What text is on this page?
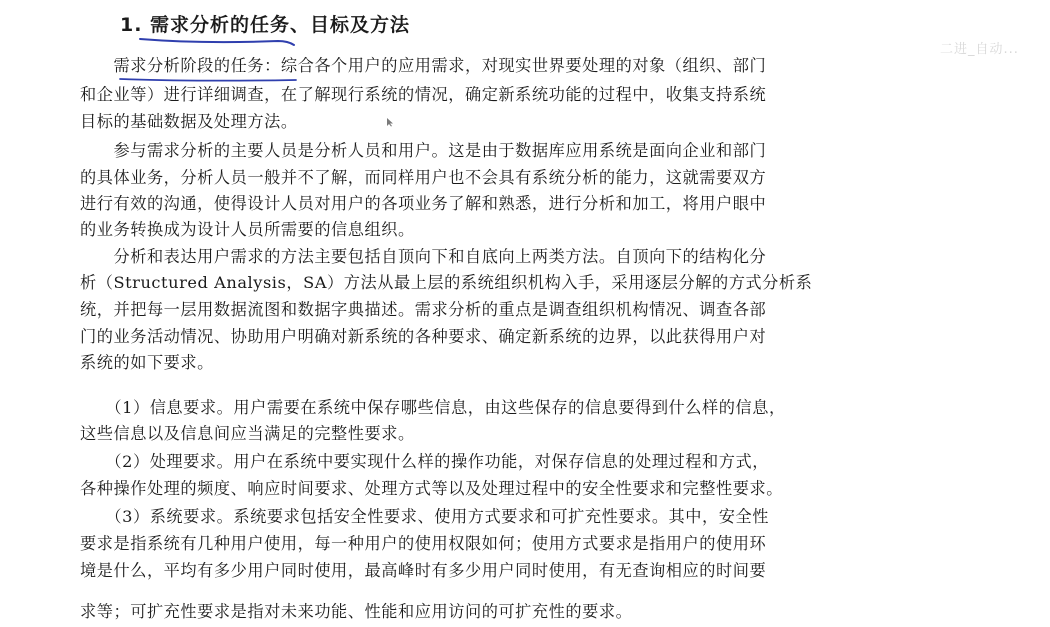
1. 需求分析的任务、目标及方法
　　需求分析阶段的任务：综合各个用户的应用需求，对现实世界要处理的对象（组织、部门
和企业等）进行详细调查，在了解现行系统的情况，确定新系统功能的过程中，收集支持系统
目标的基础数据及处理方法。
　　参与需求分析的主要人员是分析人员和用户。这是由于数据库应用系统是面向企业和部门
的具体业务，分析人员一般并不了解，而同样用户也不会具有系统分析的能力，这就需要双方
进行有效的沟通，使得设计人员对用户的各项业务了解和熟悉，进行分析和加工，将用户眼中
的业务转换成为设计人员所需要的信息组织。
　　分析和表达用户需求的方法主要包括自顶向下和自底向上两类方法。自顶向下的结构化分
析（Structured Analysis，SA）方法从最上层的系统组织机构入手，采用逐层分解的方式分析系
统，并把每一层用数据流图和数据字典描述。需求分析的重点是调查组织机构情况、调查各部
门的业务活动情况、协助用户明确对新系统的各种要求、确定新系统的边界，以此获得用户对
系统的如下要求。
　　（1）信息要求。用户需要在系统中保存哪些信息，由这些保存的信息要得到什么样的信息，
这些信息以及信息间应当满足的完整性要求。
　　（2）处理要求。用户在系统中要实现什么样的操作功能，对保存信息的处理过程和方式，
各种操作处理的频度、响应时间要求、处理方式等以及处理过程中的安全性要求和完整性要求。
　　（3）系统要求。系统要求包括安全性要求、使用方式要求和可扩充性要求。其中，安全性
要求是指系统有几种用户使用，每一种用户的使用权限如何；使用方式要求是指用户的使用环
境是什么，平均有多少用户同时使用，最高峰时有多少用户同时使用，有无查询相应的时间要
求等；可扩充性要求是指对未来功能、性能和应用访问的可扩充性的要求。
二进_自动...
